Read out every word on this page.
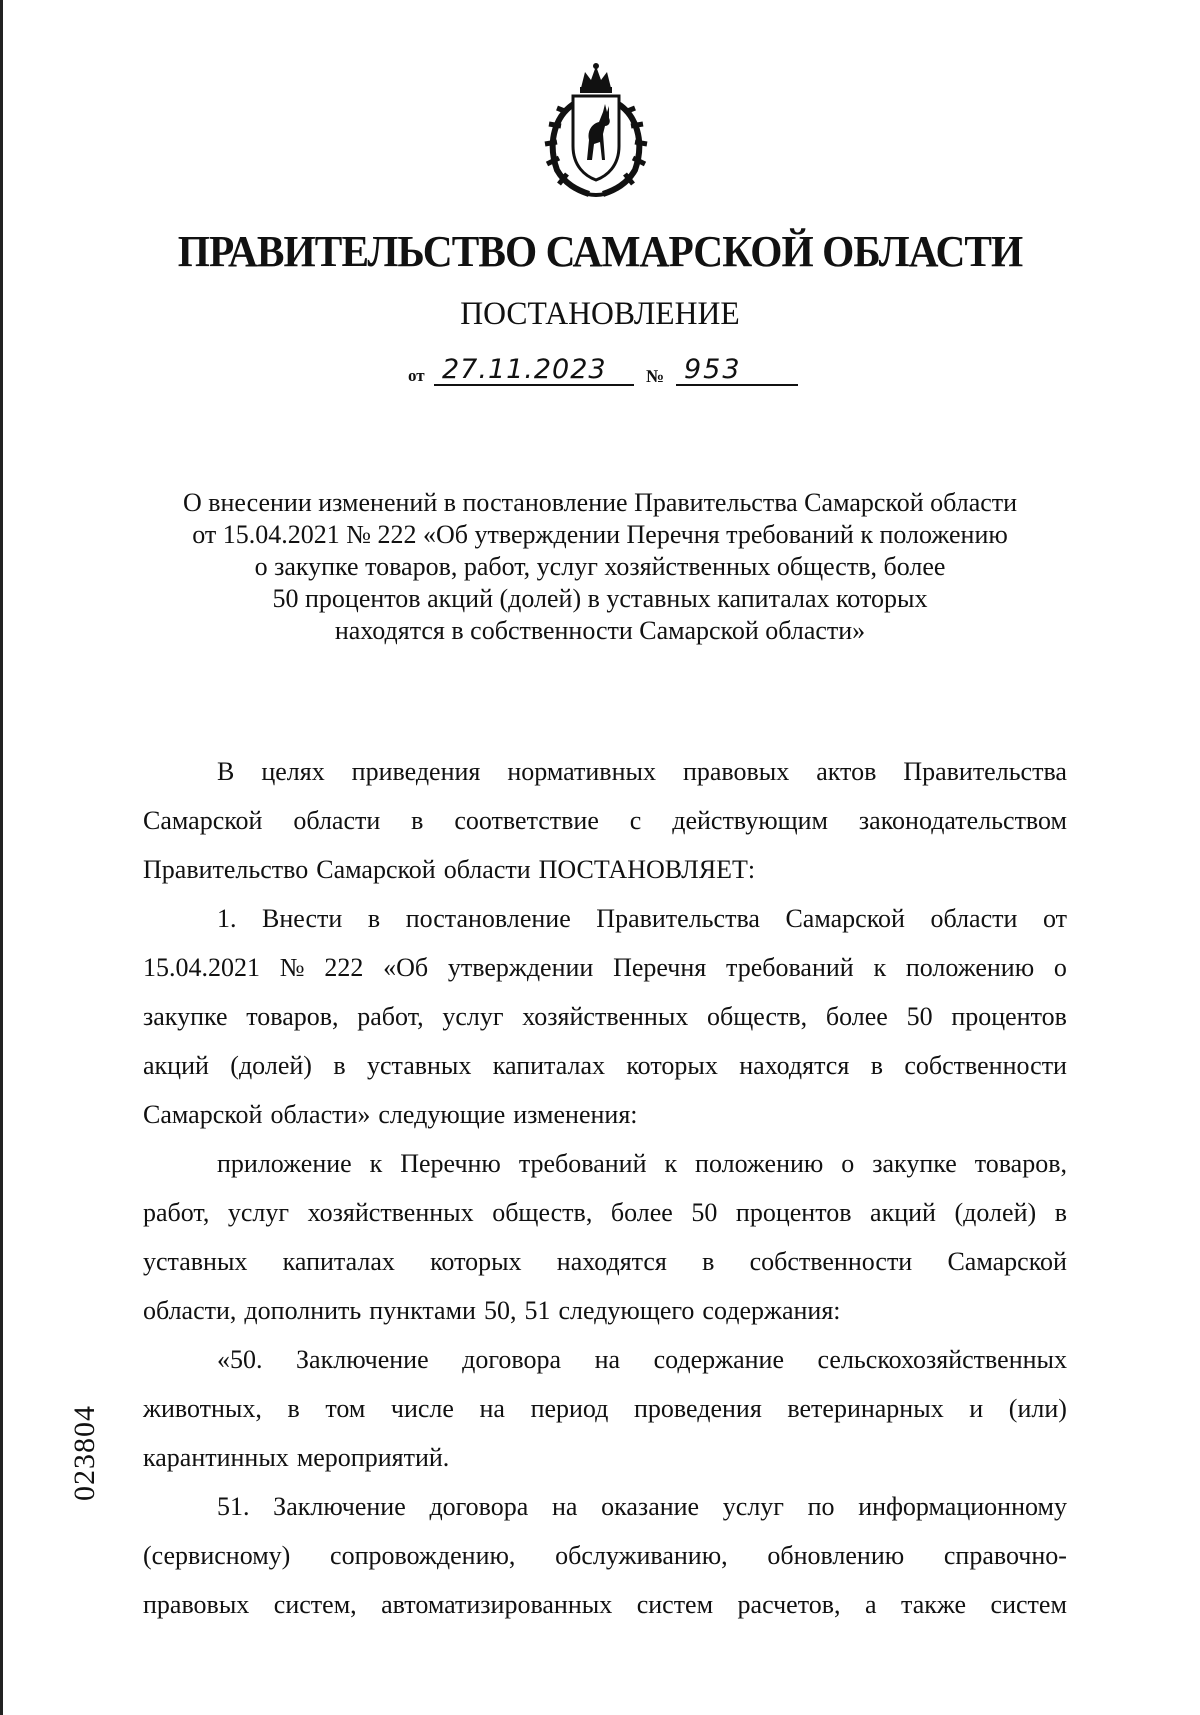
ПРАВИТЕЛЬСТВО САМАРСКОЙ ОБЛАСТИ
ПОСТАНОВЛЕНИЕ
от 27.11.2023	№ 953
О внесении изменений в постановление Правительства Самарской области
от 15.04.2021 № 222 «Об утверждении Перечня требований к положению
о закупке товаров, работ, услуг хозяйственных обществ, более
50 процентов акций (долей) в уставных капиталах которых
находятся в собственности Самарской области»
В целях приведения нормативных правовых актов Правительства
Самарской области в соответствие с действующим законодательством
Правительство Самарской области ПОСТАНОВЛЯЕТ:
1. Внести в постановление Правительства Самарской области от
15.04.2021 № 222 «Об утверждении Перечня требований к положению о
закупке товаров, работ, услуг хозяйственных обществ, более 50 процентов
акций (долей) в уставных капиталах которых находятся в собственности
Самарской области» следующие изменения:
приложение к Перечню требований к положению о закупке товаров,
работ, услуг хозяйственных обществ, более 50 процентов акций (долей) в
уставных капиталах которых находятся в собственности Самарской
области, дополнить пунктами 50, 51 следующего содержания:
«50. Заключение договора на содержание сельскохозяйственных
животных, в том числе на период проведения ветеринарных и (или)
карантинных мероприятий.
51. Заключение договора на оказание услуг по информационному
(сервисному) сопровождению, обслуживанию, обновлению справочно-
правовых систем, автоматизированных систем расчетов, а также систем
023804
